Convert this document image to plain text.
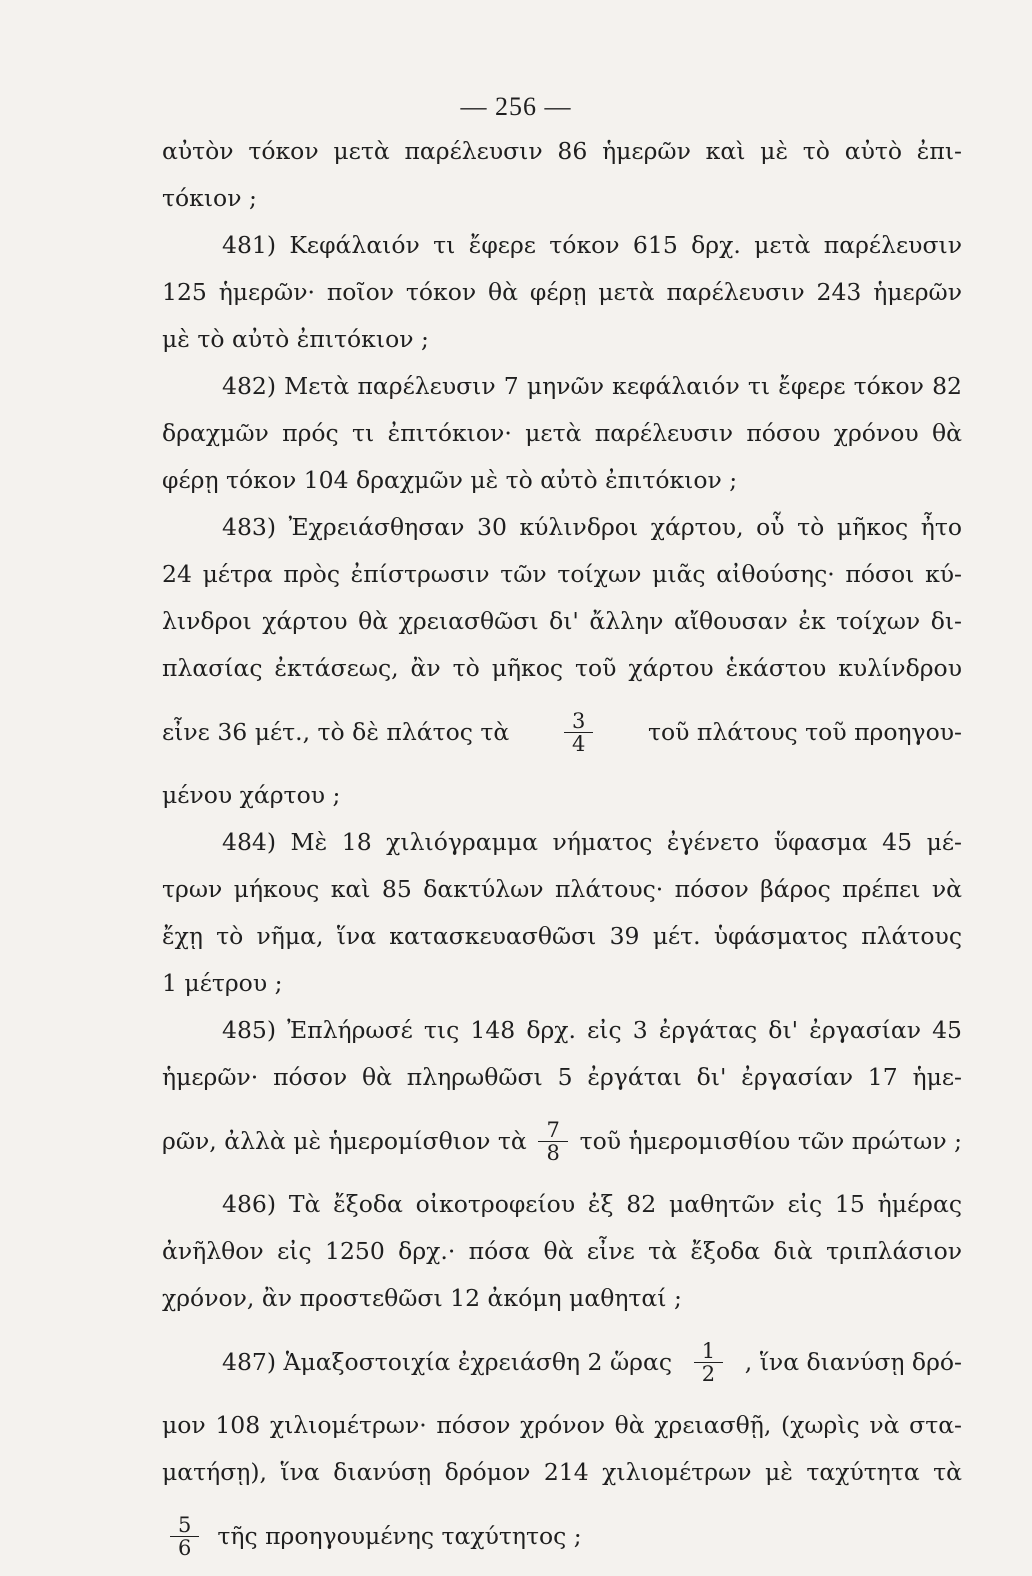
— 256 —
αὐτὸν τόκον μετὰ παρέλευσιν 86 ἡμερῶν καὶ μὲ τὸ αὐτὸ ἐπι-
τόκιον ;
481) Κεφάλαιόν τι ἔφερε τόκον 615 δρχ. μετὰ παρέλευσιν
125 ἡμερῶν· ποῖον τόκον θὰ φέρῃ μετὰ παρέλευσιν 243 ἡμερῶν
μὲ τὸ αὐτὸ ἐπιτόκιον ;
482) Μετὰ παρέλευσιν 7 μηνῶν κεφάλαιόν τι ἔφερε τόκον 82
δραχμῶν πρός τι ἐπιτόκιον· μετὰ παρέλευσιν πόσου χρόνου θὰ
φέρῃ τόκον 104 δραχμῶν μὲ τὸ αὐτὸ ἐπιτόκιον ;
483) Ἐχρειάσθησαν 30 κύλινδροι χάρτου, οὗ τὸ μῆκος ἦτο
24 μέτρα πρὸς ἐπίστρωσιν τῶν τοίχων μιᾶς αἰθούσης· πόσοι κύ-
λινδροι χάρτου θὰ χρειασθῶσι δι' ἄλλην αἴθουσαν ἐκ τοίχων δι-
πλασίας ἐκτάσεως, ἂν τὸ μῆκος τοῦ χάρτου ἑκάστου κυλίνδρου
εἶνε 36 μέτ., τὸ δὲ πλάτος τὰ	$\frac{3}{4}$ τοῦ πλάτους τοῦ προηγου-
μένου χάρτου ;
484) Μὲ 18 χιλιόγραμμα νήματος ἐγένετο ὕφασμα 45 μέ-
τρων μήκους καὶ 85 δακτύλων πλάτους· πόσον βάρος πρέπει νὰ
ἔχῃ τὸ νῆμα, ἵνα κατασκευασθῶσι 39 μέτ. ὑφάσματος πλάτους
1 μέτρου ;
485) Ἐπλήρωσέ τις 148 δρχ. εἰς 3 ἐργάτας δι' ἐργασίαν 45
ἡμερῶν· πόσον θὰ πληρωθῶσι 5 ἐργάται δι' ἐργασίαν 17 ἡμε-
ρῶν, ἀλλὰ μὲ ἡμερομίσθιον τὰ $\frac{7}{8}$ τοῦ ἡμερομισθίου τῶν πρώτων ;
486) Τὰ ἔξοδα οἰκοτροφείου ἐξ 82 μαθητῶν εἰς 15 ἡμέρας
ἀνῆλθον εἰς 1250 δρχ.· πόσα θὰ εἶνε τὰ ἔξοδα διὰ τριπλάσιον
χρόνον, ἂν προστεθῶσι 12 ἀκόμη μαθηταί ;
487) Ἁμαξοστοιχία ἐχρειάσθη 2 ὥρας $\frac{1}{2}$ , ἵνα διανύσῃ δρό-
μον 108 χιλιομέτρων· πόσον χρόνον θὰ χρειασθῇ, (χωρὶς νὰ στα-
ματήσῃ), ἵνα διανύσῃ δρόμον 214 χιλιομέτρων μὲ ταχύτητα τὰ
$\frac{5}{6}$ τῆς προηγουμένης ταχύτητος ;
